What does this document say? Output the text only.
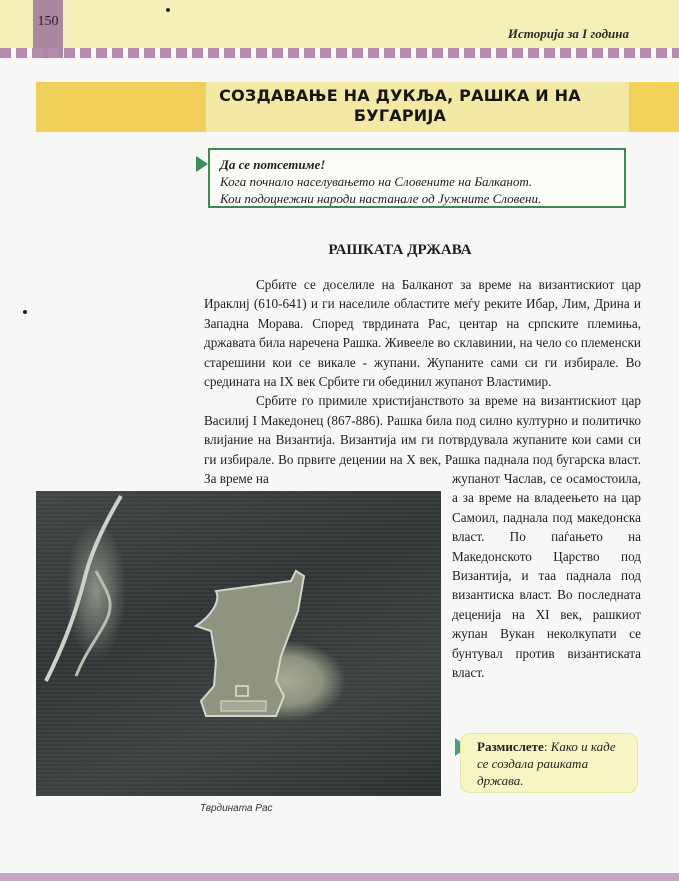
150
Историја за I година
СОЗДАВАЊЕ НА ДУКЉА, РАШКА И НА
БУГАРИЈА
Да се потсетиме!
Кога почнало населувањето на Словените на Балканот.
Кои подоцнежни народи настанале од Јужните Словени.
РАШКАТА ДРЖАВА

Србите се доселиле на Балканот за време на византискиот цар Ираклиј (610-641) и ги населиле областите меѓу реките Ибар, Лим, Дрина и Западна Морава. Според тврдината Рас, центар на српските племиња, државата била наречена Рашка. Живееле во склавинии, на чело со племенски старешини кои се викале - жупани. Жупаните сами си ги избирале. Во средината на IX век Србите ги обединил жупанот Властимир.

Србите го примиле христијанството за време на византискиот цар Василиј I Македонец (867-886). Рашка била под силно културно и политичко влијание на Византија. Византија им ги потврдувала жупаните кои сами си ги избирале. Во првите децении на X век, Рашка паднала под бугарска власт. За време на	жупанот Часлав, се осамостоила, а за време на владеењето на цар Самоил, паднала под македонска власт. По паѓањето на Македонското Царство под Византија, и таа паднала под византиска власт. Во последната деценија на XI век, рашкиот жупан Вукан неколкупати се бунтувал против византиската власт.

Тврдината Рас
Размислете: Како и каде се создала рашката држава.
